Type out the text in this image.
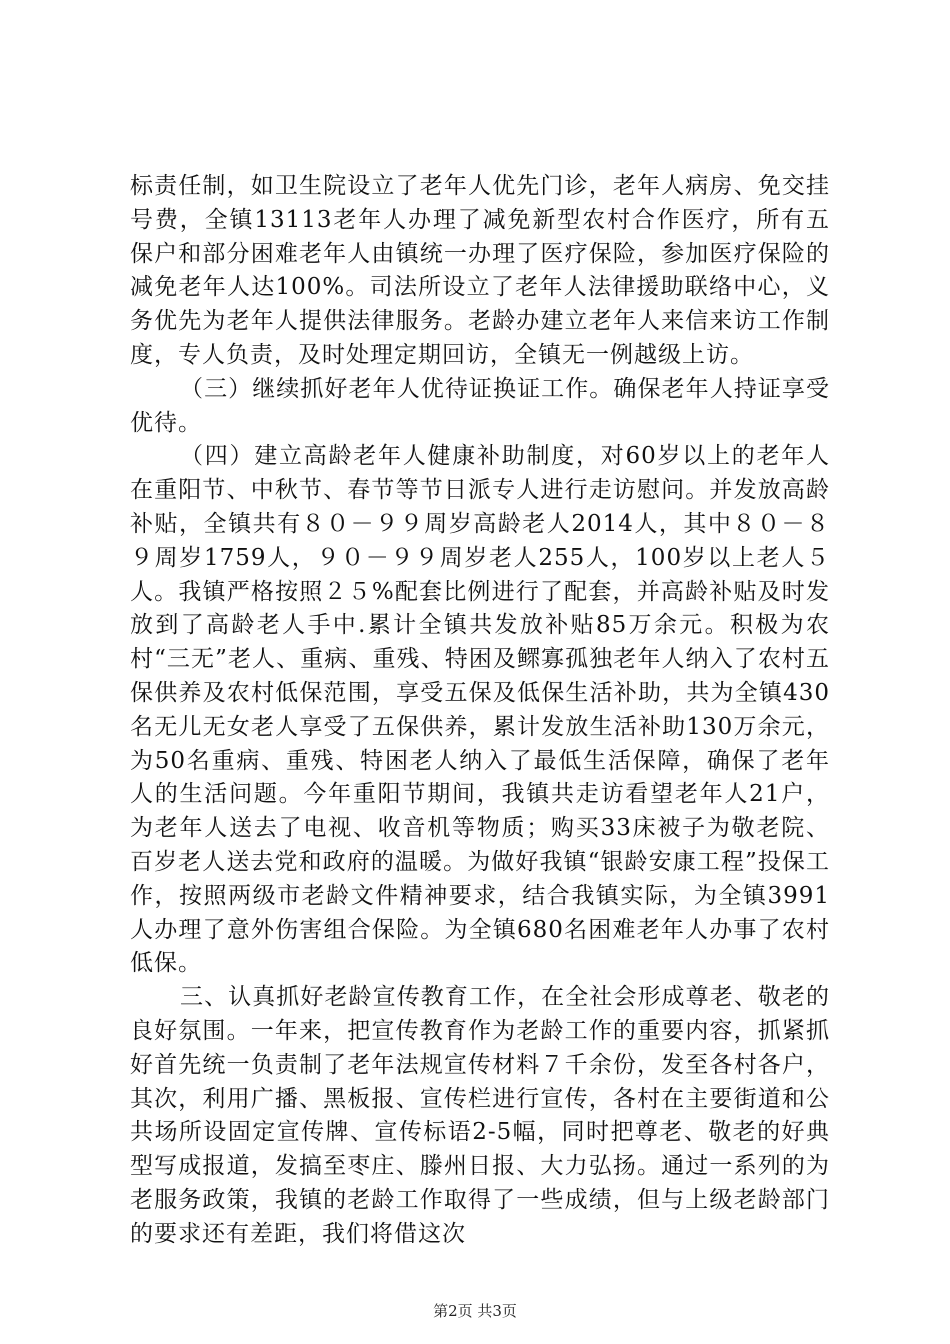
标责任制，如卫生院设立了老年人优先门诊，老年人病房、免交挂号费，全镇13113老年人办理了减免新型农村合作医疗，所有五保户和部分困难老年人由镇统一办理了医疗保险，参加医疗保险的减免老年人达100%。司法所设立了老年人法律援助联络中心，义务优先为老年人提供法律服务。老龄办建立老年人来信来访工作制度，专人负责，及时处理定期回访，全镇无一例越级上访。

（三）继续抓好老年人优待证换证工作。确保老年人持证享受优待。

（四）建立高龄老年人健康补助制度，对60岁以上的老年人在重阳节、中秋节、春节等节日派专人进行走访慰问。并发放高龄补贴，全镇共有８０－９９周岁高龄老人2014人，其中８０－８９周岁1759人，９０－９９周岁老人255人，100岁以上老人５人。我镇严格按照２５%配套比例进行了配套，并高龄补贴及时发放到了高龄老人手中.累计全镇共发放补贴85万余元。积极为农村“三无”老人、重病、重残、特困及鳏寡孤独老年人纳入了农村五保供养及农村低保范围，享受五保及低保生活补助，共为全镇430名无儿无女老人享受了五保供养，累计发放生活补助130万余元，为50名重病、重残、特困老人纳入了最低生活保障，确保了老年人的生活问题。今年重阳节期间，我镇共走访看望老年人21户，为老年人送去了电视、收音机等物质；购买33床被子为敬老院、百岁老人送去党和政府的温暖。为做好我镇“银龄安康工程”投保工作，按照两级市老龄文件精神要求，结合我镇实际，为全镇3991人办理了意外伤害组合保险。为全镇680名困难老年人办事了农村低保。

三、认真抓好老龄宣传教育工作，在全社会形成尊老、敬老的良好氛围。一年来，把宣传教育作为老龄工作的重要内容，抓紧抓好首先统一负责制了老年法规宣传材料７千余份，发至各村各户，其次，利用广播、黑板报、宣传栏进行宣传，各村在主要街道和公共场所设固定宣传牌、宣传标语2-5幅，同时把尊老、敬老的好典型写成报道，发搞至枣庄、滕州日报、大力弘扬。通过一系列的为老服务政策，我镇的老龄工作取得了一些成绩，但与上级老龄部门的要求还有差距，我们将借这次

第2页 共3页
